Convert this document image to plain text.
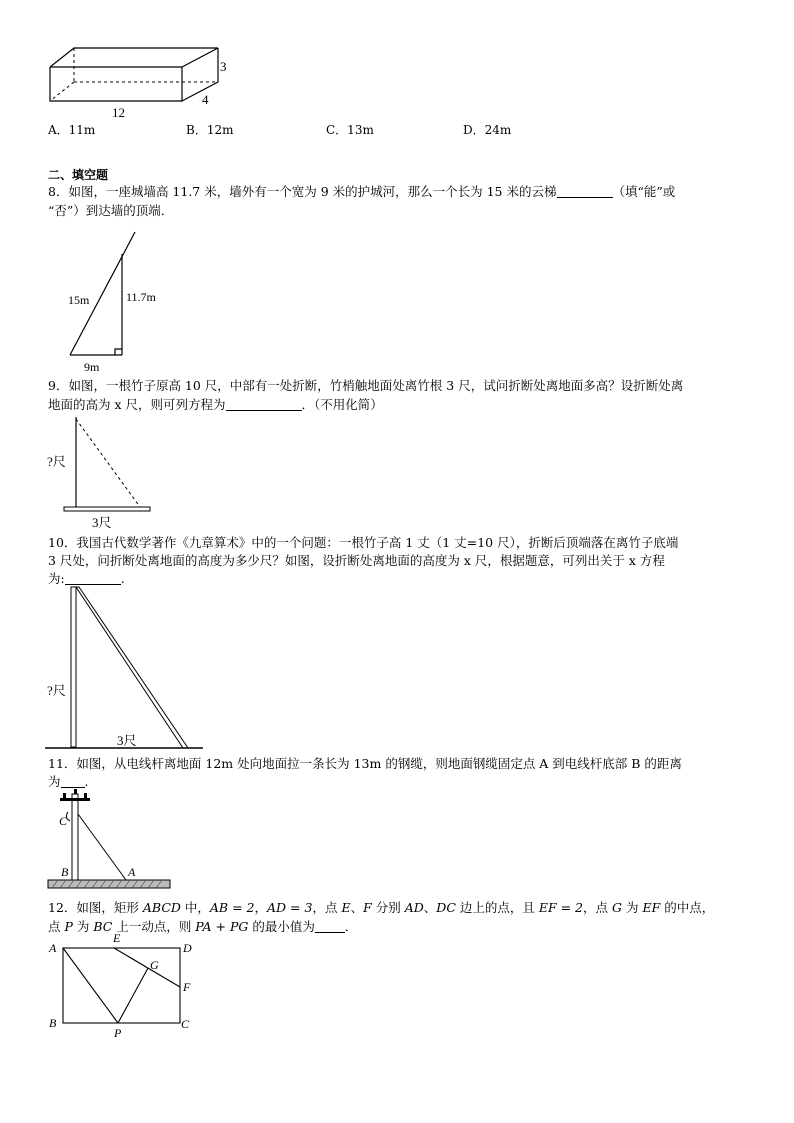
12
3
4
A．11m	B．12m	C．13m	D．24m
二、填空题
8．如图，一座城墙高 11.7 米，墙外有一个宽为 9 米的护城河，那么一个长为 15 米的云梯	（填“能”或
“否”）到达墙的顶端．
15m	11.7m
9m
9．如图，一根竹子原高 10 尺，中部有一处折断，竹梢触地面处离竹根 3 尺，试问折断处离地面多高？设折断处离
地面的高为 x 尺，则可列方程为	．（不用化简）
?尺
3尺
10．我国古代数学著作《九章算术》中的一个问题：一根竹子高 1 丈（1 丈=10 尺），折断后顶端落在离竹子底端
3 尺处，问折断处离地面的高度为多少尺？如图，设折断处离地面的高度为 x 尺，根据题意，可列出关于 x 方程
为:	.
?尺
3尺
11．如图，从电线杆离地面 12m 处向地面拉一条长为 13m 的钢缆，则地面钢缆固定点 A 到电线杆底部 B 的距离
为 .
C
B	A
12．如图，矩形 ABCD 中，AB = 2，AD = 3，点 E、F 分别 AD、DC 边上的点，且 EF = 2，点 G 为 EF 的中点，
点 P 为 BC 上一动点，则 PA + PG 的最小值为 ．
A
E
D
G
F
B
P
C
